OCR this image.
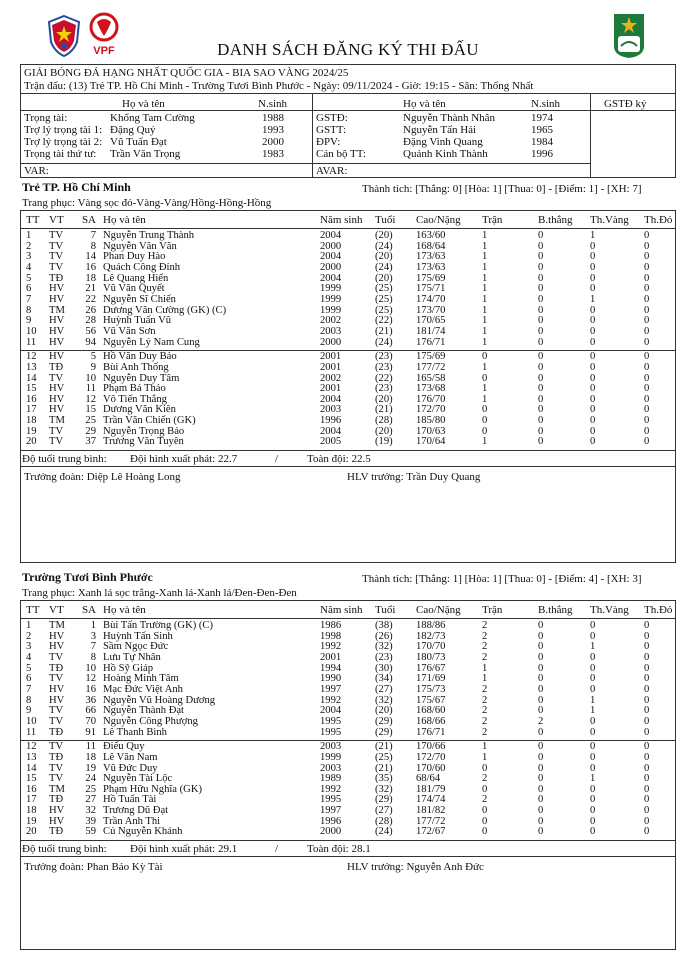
VPF	DANH SÁCH ĐĂNG KÝ THI ĐẤU
GIẢI BÓNG ĐÁ HẠNG NHẤT QUỐC GIA - BIA SAO VÀNG 2024/25
Trận đấu: (13) Trẻ TP. Hồ Chí Minh - Trường Tươi Bình Phước - Ngày: 09/11/2024 - Giờ: 19:15 - Sân: Thống Nhất
Họ và tên	N.sinh	Họ và tên	N.sinh	GSTĐ ký
Trọng tài:	Khổng Tam Cường	1988
Trợ lý trọng tài 1: Đặng Quý	1993
Trợ lý trọng tài 2: Vũ Tuấn Đạt	2000
Trọng tài thứ tư: Trần Văn Trọng	1983
VAR:
GSTĐ:	Nguyễn Thành Nhân	1974
GSTT:	Nguyễn Tấn Hải	1965
ĐPV:	Đặng Vinh Quang	1984
Cán bộ TT:	Quảnh Kinh Thành	1996
AVAR:
Trẻ TP. Hồ Chí Minh	Thành tích: [Thắng: 0] [Hòa: 1] [Thua: 0] - [Điểm: 1] - [XH: 7]
Trang phục: Vàng sọc đỏ-Vàng-Vàng/Hồng-Hồng-Hồng
TT VT SA Họ và tên	Năm sinh Tuổi Cao/Nặng Trận	B.thắng Th.Vàng Th.Đỏ
1 TV	7 Nguyễn Trung Thành	2004	(20) 163/60	1	0	1	0
2 TV	8 Nguyễn Văn Văn	2000	(24) 168/64	1	0	0	0
3 TV	14 Phan Duy Hào	2004	(20) 173/63	1	0	0	0
4 TV	16 Quách Công Đỉnh	2000	(24) 173/63	1	0	0	0
5 TĐ	18 Lê Quang Hiển	2004	(20) 175/69	1	0	0	0
6 HV	21 Vũ Văn Quyết	1999	(25) 175/71	1	0	0	0
7 HV	22 Nguyễn Sĩ Chiến	1999	(25) 174/70	1	0	1	0
8 TM	26 Dương Văn Cường (GK) (C)	1999	(25) 173/70	1	0	0	0
9 HV	28 Huỳnh Tuấn Vũ	2002	(22) 170/65	1	0	0	0
10 HV	56 Vũ Văn Sơn	2003	(21) 181/74	1	0	0	0
11 HV	94 Nguyễn Lý Nam Cung	2000	(24) 176/71	1	0	0	0
12 HV	5 Hồ Văn Duy Bảo	2001	(23) 175/69	0	0	0	0
13 TĐ	9 Bùi Anh Thống	2001	(23) 177/72	1	0	0	0
14 TV	10 Nguyễn Duy Tâm	2002	(22) 165/58	0	0	0	0
15 HV	11 Phạm Bá Thảo	2001	(23) 173/68	1	0	0	0
16 HV	12 Võ Tiến Thắng	2004	(20) 176/70	1	0	0	0
17 HV	15 Dương Văn Kiên	2003	(21) 172/70	0	0	0	0
18 TM	25 Trần Văn Chiến (GK)	1996	(28) 185/80	0	0	0	0
19 TV	29 Nguyễn Trọng Bảo	2004	(20) 170/63	0	0	0	0
20 TV	37 Trương Văn Tuyên	2005	(19) 170/64	1	0	0	0
Độ tuổi trung bình: Đội hình xuất phát: 22.7	/	Toàn đội: 22.5
Trưởng đoàn: Diệp Lê Hoàng Long	HLV trưởng: Trần Duy Quang
Trường Tươi Bình Phước	Thành tích: [Thắng: 1] [Hòa: 1] [Thua: 0] - [Điểm: 4] - [XH: 3]
Trang phục: Xanh lá sọc trắng-Xanh lá-Xanh lá/Đen-Đen-Đen
TT VT SA Họ và tên	Năm sinh Tuổi Cao/Nặng Trận	B.thắng Th.Vàng Th.Đỏ
1 TM	1 Bùi Tấn Trường (GK) (C)	1986	(38) 188/86	2	0	0	0
2 HV	3 Huỳnh Tấn Sinh	1998	(26) 182/73	2	0	0	0
3 HV	7 Sầm Ngọc Đức	1992	(32) 170/70	2	0	1	0
4 TV	8 Lưu Tự Nhân	2001	(23) 180/73	2	0	0	0
5 TĐ	10 Hồ Sỹ Giáp	1994	(30) 176/67	1	0	0	0
6 TV	12 Hoàng Minh Tâm	1990	(34) 171/69	1	0	0	0
7 HV	16 Mạc Đức Việt Anh	1997	(27) 175/73	2	0	0	0
8 HV	36 Nguyễn Vũ Hoàng Dương	1992	(32) 175/67	2	0	1	0
9 TV	66 Nguyễn Thành Đạt	2004	(20) 168/60	2	0	1	0
10 TV	70 Nguyễn Công Phượng	1995	(29) 168/66	2	2	0	0
11 TĐ	91 Lê Thanh Bình	1995	(29) 176/71	2	0	0	0
12 TV	11 Điểu Quy	2003	(21) 170/66	1	0	0	0
13 TĐ	18 Lê Văn Nam	1999	(25) 172/70	1	0	0	0
14 TV	19 Vũ Đức Duy	2003	(21) 170/60	0	0	0	0
15 TV	24 Nguyễn Tài Lộc	1989	(35) 68/64	2	0	1	0
16 TM	25 Phạm Hữu Nghĩa (GK)	1992	(32) 181/79	0	0	0	0
17 TĐ	27 Hồ Tuấn Tài	1995	(29) 174/74	2	0	0	0
18 HV	32 Trương Dũ Đạt	1997	(27) 181/82	0	0	0	0
19 HV	39 Trần Anh Thi	1996	(28) 177/72	0	0	0	0
20 TĐ	59 Củ Nguyễn Khánh	2000	(24) 172/67	0	0	0	0
Độ tuổi trung bình: Đội hình xuất phát: 29.1	/	Toàn đội: 28.1
Trưởng đoàn: Phan Bảo Kỳ Tài	HLV trưởng: Nguyễn Anh Đức
